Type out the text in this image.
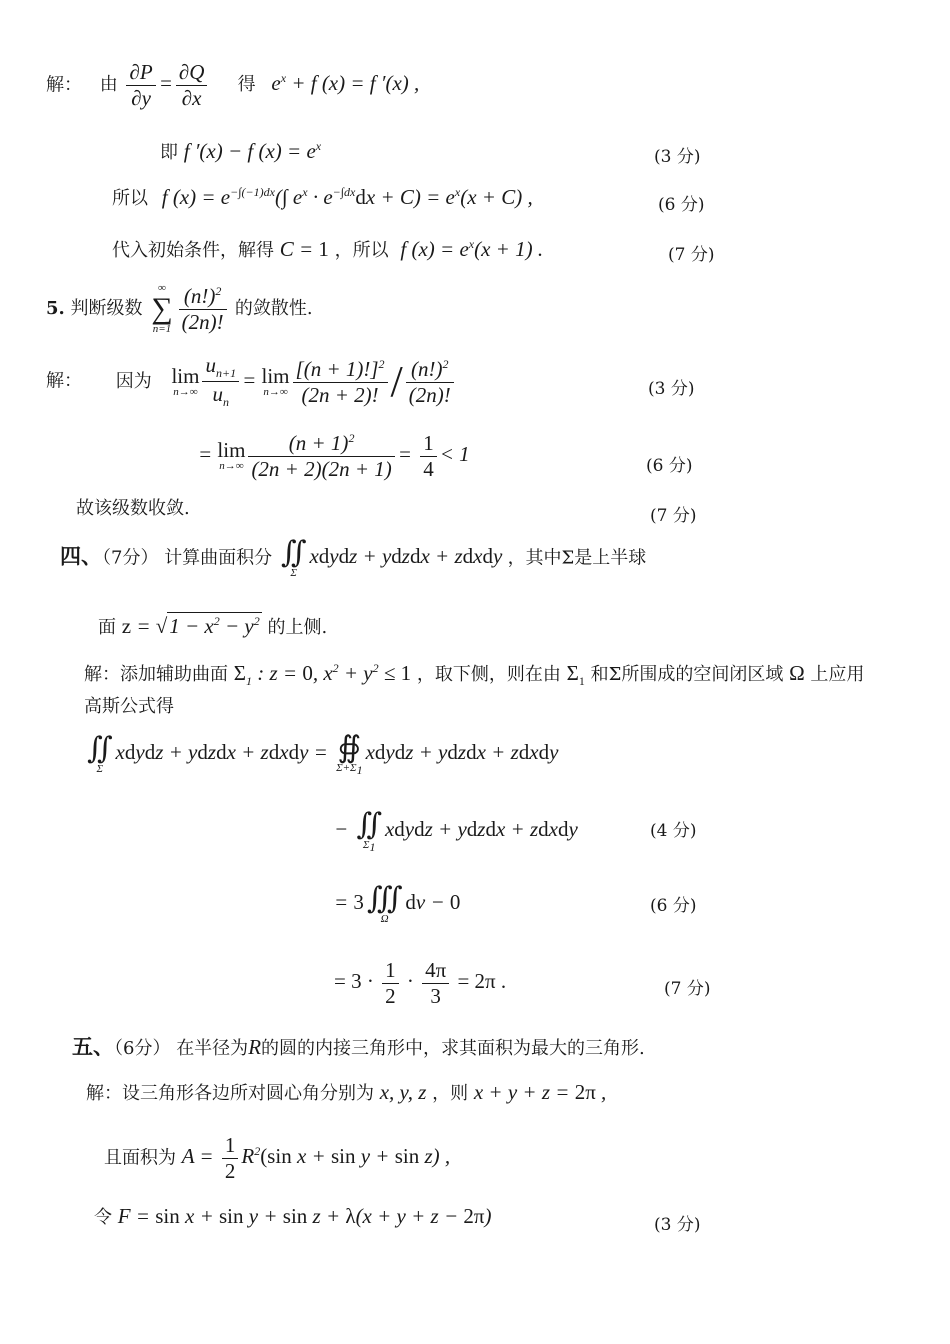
解： 由 $\frac{\partial P}{\partial y} = \frac{\partial Q}{\partial x}$ 得 $e^x + f$ (x) = f ′(x) ,
即 f ′(x) − f $(x) = e^x$
(3 分)
所以 f $(x) = e^{-\int(-1)dx}(\int$ $e^x \cdot e^{-\int dx}dx + C) = e^x(x + C)$ ,	(6 分)
代入初始条件，解得 C = 1 ，所以 f $(x) = e^x(x + 1)$ .	(7 分)
5. 判断级数
∞
∑
$n=1 \frac{(n!)^2}{(2n)!}$ 的敛散性.
解： 因为 lim
$n\to\infty \frac{u_{n+1}}{u_n} = \lim$
$n\to\infty \frac{[(n + 1)!]^2}{(2n + 2)!} / \frac{(n!)^2}{(2n)!}$	(3 分)
= lim
$n\to\infty \frac{(n + 1)^2}{(2n + 2)(2n + 1)} = \frac{1}{4} < 1$
(6 分)
故该级数收敛.	(7 分)
四、（7分） 计算曲面积分 ∬
Σ
xdydz + ydzdx + zdxdy ，其中Σ是上半球
面 $z = √1 - x^2 - y^2$ 的上侧.
解：添加辅助曲面 $\Sigma_1$ : z = 0, $x^2 + y^2 \le 1$ ，取下侧，则在由 $\Sigma_1$ 和Σ所围成的空间闭区域 Ω 上应用
高斯公式得
∬
Σ
xdydz + ydzdx + zdxdy = ∯
$\Sigma+\Sigma_1$
xdydz + ydzdx + zdxdy
− ∬
$\Sigma_1$
xdydz + ydzdx + zdxdy	(4 分)
= 3 ∭
Ω
dv − 0	(6 分)
= $3 \cdot \frac{1}{2} \cdot \frac{4\pi}{3} = 2\pi$ .	(7 分)
五、（6分） 在半径为R的圆的内接三角形中，求其面积为最大的三角形.
解：设三角形各边所对圆心角分别为 x, y, z ，则 x + y + z = 2π ,
且面积为 $A = \frac{1}{2} R^2(\sin$ x + sin y + sin z) ,
令 F = sin x + sin y + sin z + λ(x + y + z − 2π)	(3 分)
